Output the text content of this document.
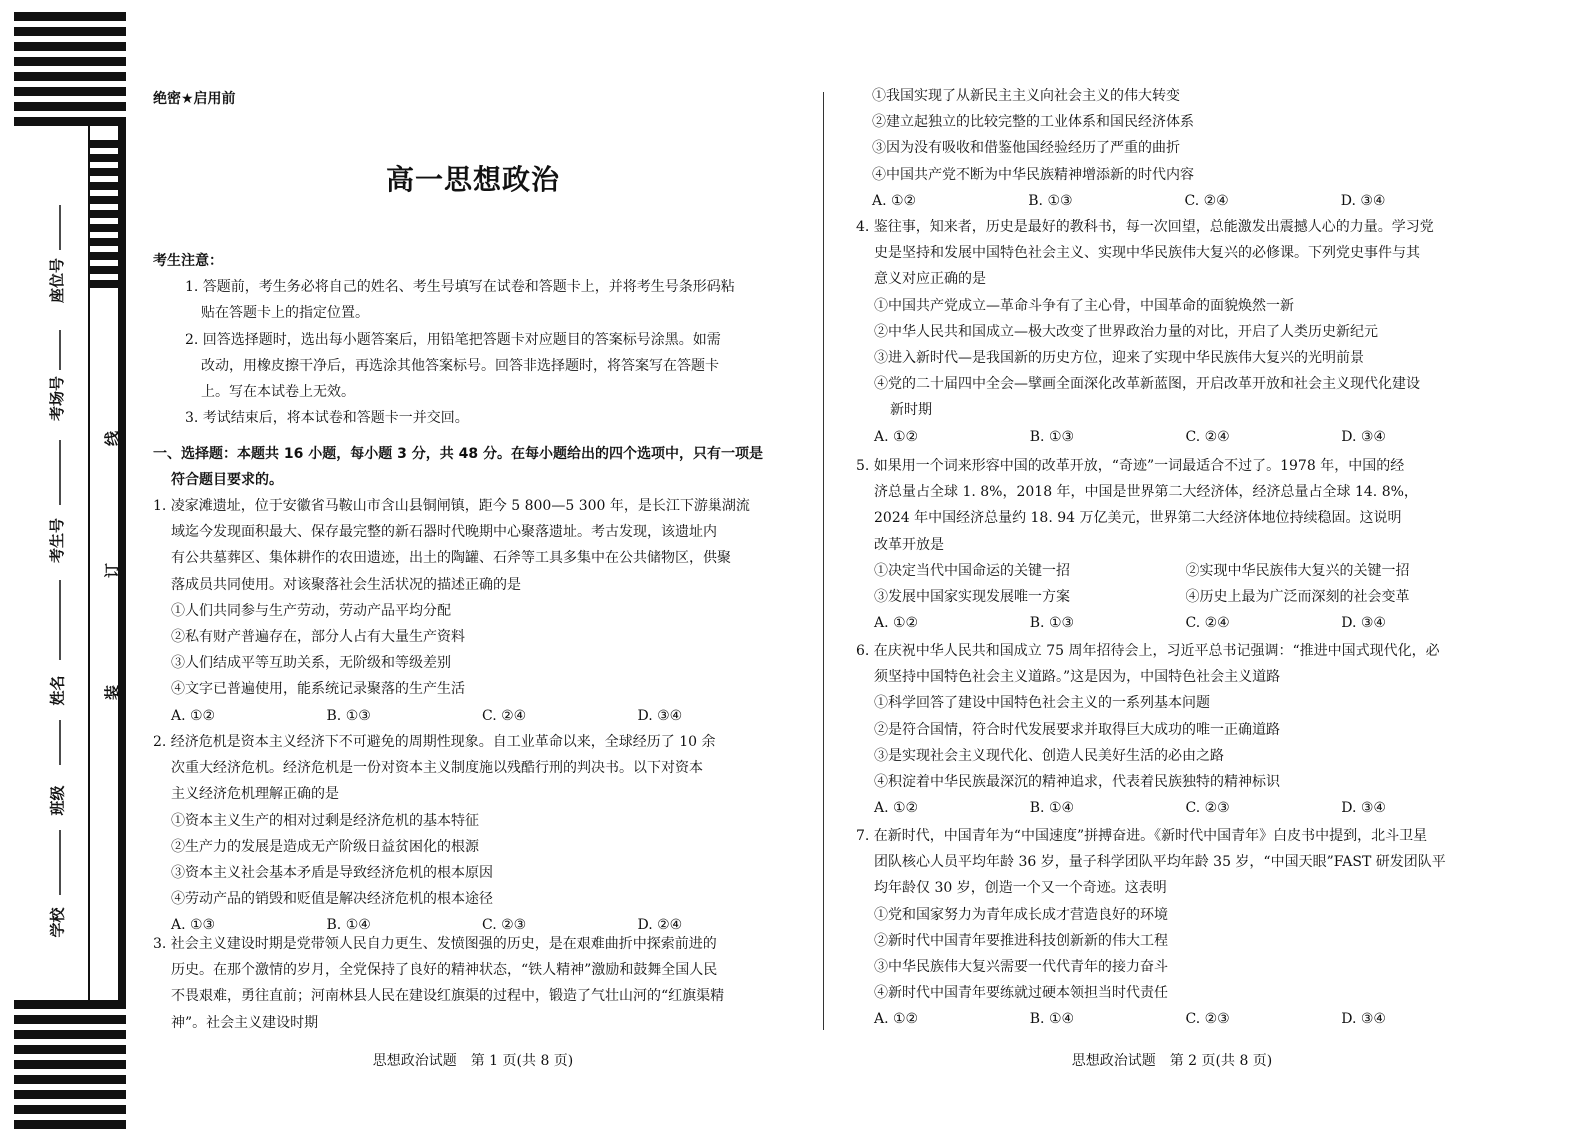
座位号
考场号
考生号
姓名
班级
学校
线
订
装
绝密★启用前
高一思想政治
考生注意：
1. 答题前，考生务必将自己的姓名、考生号填写在试卷和答题卡上，并将考生号条形码粘
贴在答题卡上的指定位置。
2. 回答选择题时，选出每小题答案后，用铅笔把答题卡对应题目的答案标号涂黑。如需
改动，用橡皮擦干净后，再选涂其他答案标号。回答非选择题时，将答案写在答题卡
上。写在本试卷上无效。
3. 考试结束后，将本试卷和答题卡一并交回。
一、选择题：本题共 16 小题，每小题 3 分，共 48 分。在每小题给出的四个选项中，只有一项是
符合题目要求的。
1. 凌家滩遗址，位于安徽省马鞍山市含山县铜闸镇，距今 5 800—5 300 年，是长江下游巢湖流
域迄今发现面积最大、保存最完整的新石器时代晚期中心聚落遗址。考古发现，该遗址内
有公共墓葬区、集体耕作的农田遗迹，出土的陶罐、石斧等工具多集中在公共储物区，供聚
落成员共同使用。对该聚落社会生活状况的描述正确的是
①人们共同参与生产劳动，劳动产品平均分配
②私有财产普遍存在，部分人占有大量生产资料
③人们结成平等互助关系，无阶级和等级差别
④文字已普遍使用，能系统记录聚落的生产生活
A. ①②	B. ①③	C. ②④	D. ③④
2. 经济危机是资本主义经济下不可避免的周期性现象。自工业革命以来，全球经历了 10 余
次重大经济危机。经济危机是一份对资本主义制度施以残酷行刑的判决书。以下对资本
主义经济危机理解正确的是
①资本主义生产的相对过剩是经济危机的基本特征
②生产力的发展是造成无产阶级日益贫困化的根源
③资本主义社会基本矛盾是导致经济危机的根本原因
④劳动产品的销毁和贬值是解决经济危机的根本途径
A. ①③	B. ①④	C. ②③	D. ②④
3. 社会主义建设时期是党带领人民自力更生、发愤图强的历史，是在艰难曲折中探索前进的
历史。在那个激情的岁月，全党保持了良好的精神状态，“铁人精神”激励和鼓舞全国人民
不畏艰难，勇往直前；河南林县人民在建设红旗渠的过程中，锻造了气壮山河的“红旗渠精
神”。社会主义建设时期
思想政治试题　第 1 页(共 8 页)
①我国实现了从新民主主义向社会主义的伟大转变
②建立起独立的比较完整的工业体系和国民经济体系
③因为没有吸收和借鉴他国经验经历了严重的曲折
④中国共产党不断为中华民族精神增添新的时代内容
A. ①②	B. ①③	C. ②④	D. ③④
4. 鉴往事，知来者，历史是最好的教科书，每一次回望，总能激发出震撼人心的力量。学习党
史是坚持和发展中国特色社会主义、实现中华民族伟大复兴的必修课。下列党史事件与其
意义对应正确的是
①中国共产党成立—革命斗争有了主心骨，中国革命的面貌焕然一新
②中华人民共和国成立—极大改变了世界政治力量的对比，开启了人类历史新纪元
③进入新时代—是我国新的历史方位，迎来了实现中华民族伟大复兴的光明前景
④党的二十届四中全会—擘画全面深化改革新蓝图，开启改革开放和社会主义现代化建设
新时期
A. ①②	B. ①③	C. ②④	D. ③④
5. 如果用一个词来形容中国的改革开放，“奇迹”一词最适合不过了。1978 年，中国的经
济总量占全球 1. 8%，2018 年，中国是世界第二大经济体，经济总量占全球 14. 8%，
2024 年中国经济总量约 18. 94 万亿美元，世界第二大经济体地位持续稳固。这说明
改革开放是
①决定当代中国命运的关键一招	②实现中华民族伟大复兴的关键一招
③发展中国家实现发展唯一方案	④历史上最为广泛而深刻的社会变革
A. ①②	B. ①③	C. ②④	D. ③④
6. 在庆祝中华人民共和国成立 75 周年招待会上，习近平总书记强调：“推进中国式现代化，必
须坚持中国特色社会主义道路。”这是因为，中国特色社会主义道路
①科学回答了建设中国特色社会主义的一系列基本问题
②是符合国情，符合时代发展要求并取得巨大成功的唯一正确道路
③是实现社会主义现代化、创造人民美好生活的必由之路
④积淀着中华民族最深沉的精神追求，代表着民族独特的精神标识
A. ①②	B. ①④	C. ②③	D. ③④
7. 在新时代，中国青年为“中国速度”拼搏奋进。《新时代中国青年》白皮书中提到，北斗卫星
团队核心人员平均年龄 36 岁，量子科学团队平均年龄 35 岁，“中国天眼”FAST 研发团队平
均年龄仅 30 岁，创造一个又一个奇迹。这表明
①党和国家努力为青年成长成才营造良好的环境
②新时代中国青年要推进科技创新新的伟大工程
③中华民族伟大复兴需要一代代青年的接力奋斗
④新时代中国青年要练就过硬本领担当时代责任
A. ①②	B. ①④	C. ②③	D. ③④
思想政治试题　第 2 页(共 8 页)
